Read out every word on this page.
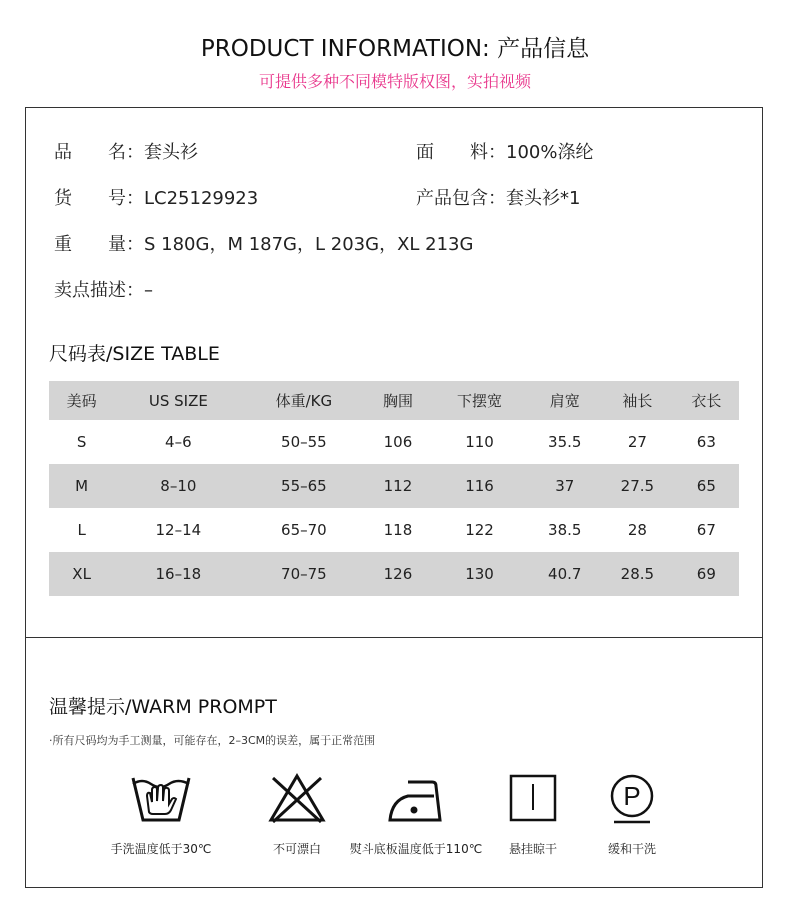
PRODUCT INFORMATION: 产品信息
可提供多种不同模特版权图，实拍视频
品　　名：套头衫	面　　料：100%涤纶
货　　号：LC25129923	产品包含：套头衫*1
重　　量：S 180G，M 187G，L 203G，XL 213G
卖点描述：–
尺码表/SIZE TABLE
美码	US SIZE	体重/KG	胸围	下摆宽	肩宽	袖长	衣长
S	4–6	50–55	106	110	35.5	27	63
M	8–10	55–65	112	116	37	27.5	65
L	12–14	65–70	118	122	38.5	28	67
XL	16–18	70–75	126	130	40.7	28.5	69
温馨提示/WARM PROMPT
·所有尺码均为手工测量，可能存在，2–3CM的误差，属于正常范围
手洗温度低于30℃	不可漂白	熨斗底板温度低于110℃	悬挂晾干
P
缓和干洗
